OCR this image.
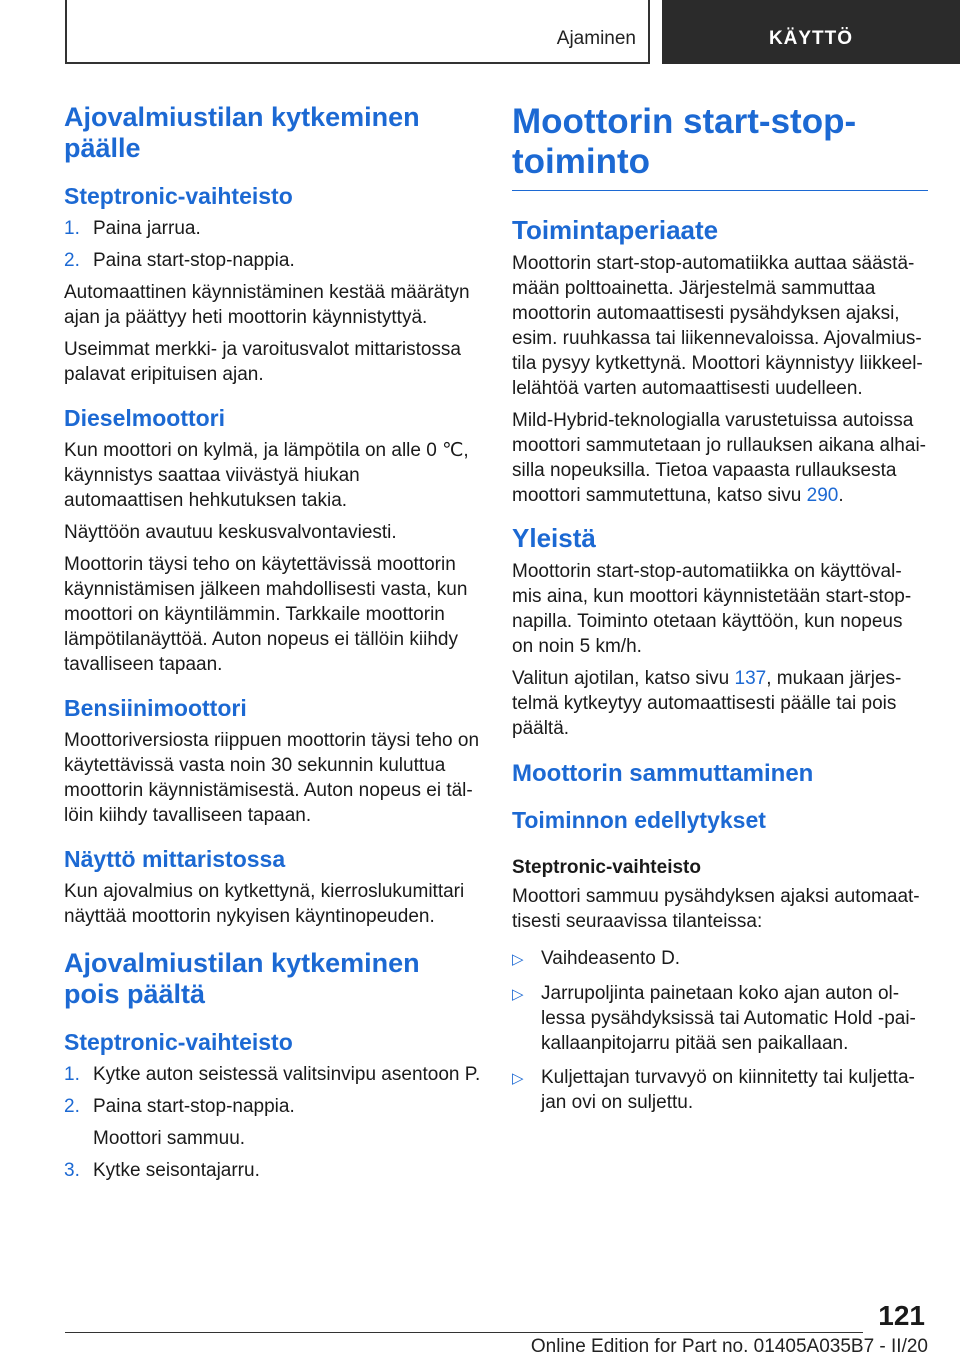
Ajaminen	KÄYTTÖ
Ajovalmiustilan kytkeminen päälle
Steptronic-vaihteisto
1. Paina jarrua.
2. Paina start-stop-nappia.
Automaattinen käynnistäminen kestää määrätyn ajan ja päättyy heti moottorin käynnistyttyä.
Useimmat merkki- ja varoitusvalot mittaristossa palavat eripituisen ajan.
Dieselmoottori
Kun moottori on kylmä, ja lämpötila on alle 0 ℃, käynnistys saattaa viivästyä hiukan automaattisen hehkutuksen takia.
Näyttöön avautuu keskusvalvontaviesti.
Moottorin täysi teho on käytettävissä moottorin käynnistämisen jälkeen mahdollisesti vasta, kun moottori on käyntilämmin. Tarkkaile moottorin lämpötilanäyttöä. Auton nopeus ei tällöin kiihdy tavalliseen tapaan.
Bensiinimoottori
Moottoriversiosta riippuen moottorin täysi teho on käytettävissä vasta noin 30 sekunnin kuluttua moottorin käynnistämisestä. Auton nopeus ei täl‐löin kiihdy tavalliseen tapaan.
Näyttö mittaristossa
Kun ajovalmius on kytkettynä, kierroslukumittari näyttää moottorin nykyisen käyntinopeuden.
Ajovalmiustilan kytkeminen pois päältä
Steptronic-vaihteisto
1. Kytke auton seistessä valitsinvipu asentoon P.
2. Paina start-stop-nappia.
Moottori sammuu.
3. Kytke seisontajarru.
Moottorin start-stop-toiminto
Toimintaperiaate
Moottorin start-stop-automatiikka auttaa säästä‐mään polttoainetta. Järjestelmä sammuttaa moottorin automaattisesti pysähdyksen ajaksi, esim. ruuhkassa tai liikennevaloissa. Ajovalmius‐tila pysyy kytkettynä. Moottori käynnistyy liikkeel‐lelähtöä varten automaattisesti uudelleen.
Mild-Hybrid-teknologialla varustetuissa autoissa moottori sammutetaan jo rullauksen aikana alhai‐silla nopeuksilla. Tietoa vapaasta rullauksesta moottori sammutettuna, katso sivu 290.
Yleistä
Moottorin start-stop-automatiikka on käyttöval‐mis aina, kun moottori käynnistetään start-stop-napilla. Toiminto otetaan käyttöön, kun nopeus on noin 5 km/h.
Valitun ajotilan, katso sivu 137, mukaan järjes‐telmä kytkeytyy automaattisesti päälle tai pois päältä.
Moottorin sammuttaminen
Toiminnon edellytykset
Steptronic-vaihteisto
Moottori sammuu pysähdyksen ajaksi automaat‐tisesti seuraavissa tilanteissa:
▷ Vaihdeasento D.
▷ Jarrupoljinta painetaan koko ajan auton ol‐lessa pysähdyksissä tai Automatic Hold -pai‐kallaanpitojarru pitää sen paikallaan.
▷ Kuljettajan turvavyö on kiinnitetty tai kuljetta‐jan ovi on suljettu.
121
Online Edition for Part no. 01405A035B7 - II/20
